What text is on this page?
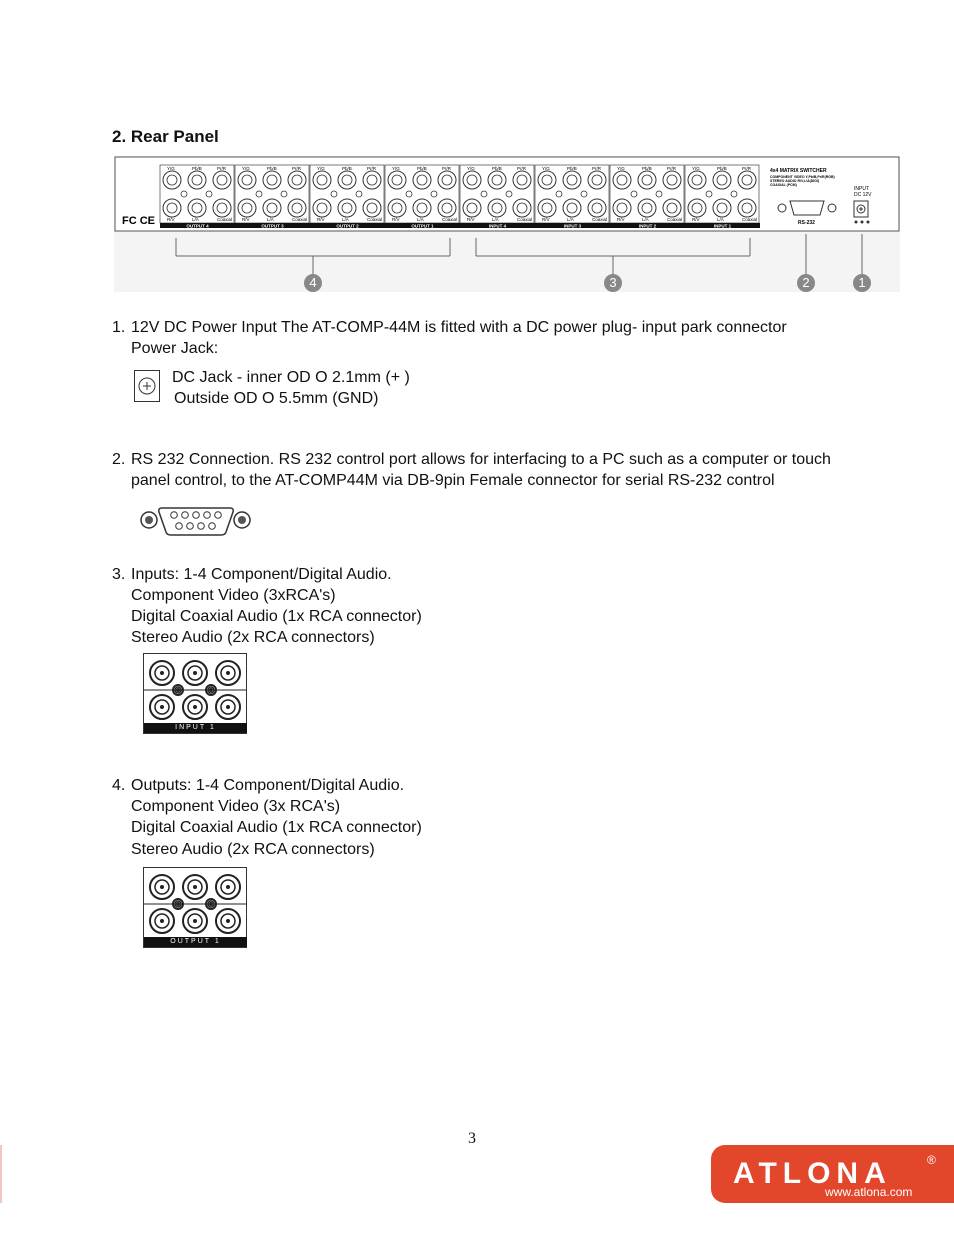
2. Rear Panel
Y/G
R/V
Pb/B
L/A
Pr/R
Coaxial
Y/G
R/V
Pb/B
L/A
Pr/R
Coaxial
Y/G
R/V
Pb/B
L/A
Pr/R
Coaxial
Y/G
R/V
Pb/B
L/A
Pr/R
Coaxial
Y/G
R/V
Pb/B
L/A
Pr/R
Coaxial
Y/G
R/V
Pb/B
L/A
Pr/R
Coaxial
Y/G
R/V
Pb/B
L/A
Pr/R
Coaxial
Y/G
R/V
Pb/B
L/A
Pr/R
Coaxial
4x4 MATRIX SWITCHER
COMPONENT VIDEO Y,Pb/B,Pr/R(RGB)
STEREO AUDIO R/V,L/A(DIGI)
COAXIAL (PCM)
RS-232
INPUT
DC 12V
FC CE	OUTPUT 4	OUTPUT 3	OUTPUT 2	OUTPUT 1	INPUT 4	INPUT 3	INPUT 2	INPUT 1
4	3	2	1
1. 12V DC Power Input The AT-COMP-44M is fitted with a DC power plug- input park connector
Power Jack:
DC Jack - inner OD O 2.1mm (+ )
Outside OD O 5.5mm (GND)
2. RS 232 Connection. RS 232 control port allows for interfacing to a PC such as a computer or touch
panel control, to the AT-COMP44M via DB-9pin Female connector for serial RS-232 control
3. Inputs: 1-4 Component/Digital Audio.
Component Video (3xRCA's)
Digital Coaxial Audio (1x RCA connector)
Stereo Audio (2x RCA connectors)
INPUT 1
4. Outputs: 1-4 Component/Digital Audio.
Component Video (3x RCA's)
Digital Coaxial Audio (1x RCA connector)
Stereo Audio (2x RCA connectors)
OUTPUT 1
3
ATLONA	®
www.atlona.com
